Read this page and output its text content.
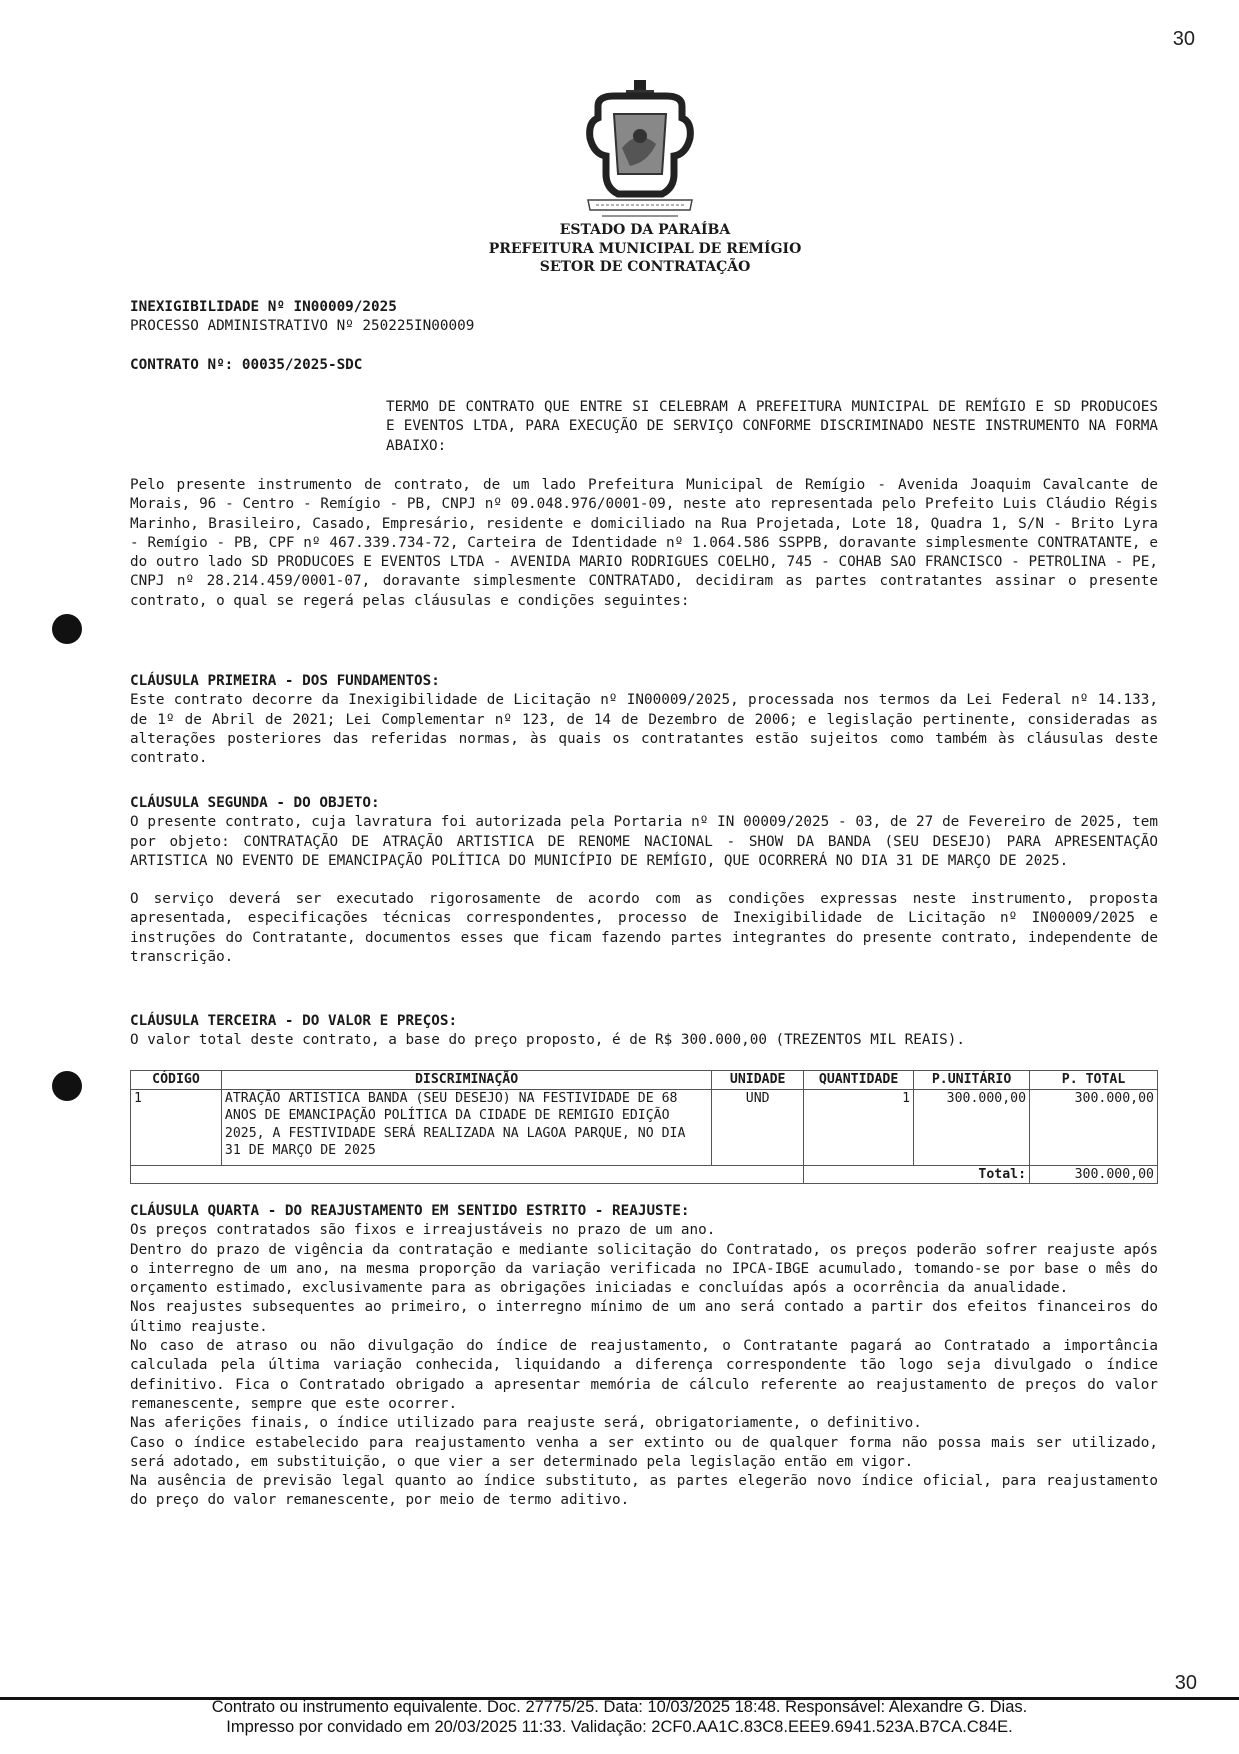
30
ESTADO DA PARAÍBA
PREFEITURA MUNICIPAL DE REMÍGIO
SETOR DE CONTRATAÇÃO
INEXIGIBILIDADE Nº IN00009/2025
PROCESSO ADMINISTRATIVO Nº 250225IN00009
CONTRATO Nº: 00035/2025-SDC

TERMO DE CONTRATO QUE ENTRE SI CELEBRAM A PREFEITURA MUNICIPAL DE REMÍGIO E SD PRODUCOES E EVENTOS LTDA, PARA EXECUÇÃO DE SERVIÇO CONFORME DISCRIMINADO NESTE INSTRUMENTO NA FORMA ABAIXO:

Pelo presente instrumento de contrato, de um lado Prefeitura Municipal de Remígio - Avenida Joaquim Cavalcante de Morais, 96 - Centro - Remígio - PB, CNPJ nº 09.048.976/0001-09, neste ato representada pelo Prefeito Luis Cláudio Régis Marinho, Brasileiro, Casado, Empresário, residente e domiciliado na Rua Projetada, Lote 18, Quadra 1, S/N - Brito Lyra - Remígio - PB, CPF nº 467.339.734-72, Carteira de Identidade nº 1.064.586 SSPPB, doravante simplesmente CONTRATANTE, e do outro lado SD PRODUCOES E EVENTOS LTDA - AVENIDA MARIO RODRIGUES COELHO, 745 - COHAB SAO FRANCISCO - PETROLINA - PE, CNPJ nº 28.214.459/0001-07, doravante simplesmente CONTRATADO, decidiram as partes contratantes assinar o presente contrato, o qual se regerá pelas cláusulas e condições seguintes:

CLÁUSULA PRIMEIRA - DOS FUNDAMENTOS:

Este contrato decorre da Inexigibilidade de Licitação nº IN00009/2025, processada nos termos da Lei Federal nº 14.133, de 1º de Abril de 2021; Lei Complementar nº 123, de 14 de Dezembro de 2006; e legislação pertinente, consideradas as alterações posteriores das referidas normas, às quais os contratantes estão sujeitos como também às cláusulas deste contrato.

CLÁUSULA SEGUNDA - DO OBJETO:

O presente contrato, cuja lavratura foi autorizada pela Portaria nº IN 00009/2025 - 03, de 27 de Fevereiro de 2025, tem por objeto: CONTRATAÇÃO DE ATRAÇÃO ARTISTICA DE RENOME NACIONAL - SHOW DA BANDA (SEU DESEJO) PARA APRESENTAÇÃO ARTISTICA NO EVENTO DE EMANCIPAÇÃO POLÍTICA DO MUNICÍPIO DE REMÍGIO, QUE OCORRERÁ NO DIA 31 DE MARÇO DE 2025.

O serviço deverá ser executado rigorosamente de acordo com as condições expressas neste instrumento, proposta apresentada, especificações técnicas correspondentes, processo de Inexigibilidade de Licitação nº IN00009/2025 e instruções do Contratante, documentos esses que ficam fazendo partes integrantes do presente contrato, independente de transcrição.

CLÁUSULA TERCEIRA - DO VALOR E PREÇOS:

O valor total deste contrato, a base do preço proposto, é de R$ 300.000,00 (TREZENTOS MIL REAIS).

CÓDIGO	DISCRIMINAÇÃO	UNIDADE	QUANTIDADE	P.UNITÁRIO	P. TOTAL
1	ATRAÇÃO ARTISTICA BANDA (SEU DESEJO) NA FESTIVIDADE DE 68 ANOS DE EMANCIPAÇÃO POLÍTICA DA CIDADE DE REMIGIO EDIÇÃO 2025, A FESTIVIDADE SERÁ REALIZADA NA LAGOA PARQUE, NO DIA 31 DE MARÇO DE 2025	UND	1	300.000,00	300.000,00
			Total:		300.000,00
CLÁUSULA QUARTA - DO REAJUSTAMENTO EM SENTIDO ESTRITO - REAJUSTE:

Os preços contratados são fixos e irreajustáveis no prazo de um ano.

Dentro do prazo de vigência da contratação e mediante solicitação do Contratado, os preços poderão sofrer reajuste após o interregno de um ano, na mesma proporção da variação verificada no IPCA-IBGE acumulado, tomando-se por base o mês do orçamento estimado, exclusivamente para as obrigações iniciadas e concluídas após a ocorrência da anualidade.

Nos reajustes subsequentes ao primeiro, o interregno mínimo de um ano será contado a partir dos efeitos financeiros do último reajuste.

No caso de atraso ou não divulgação do índice de reajustamento, o Contratante pagará ao Contratado a importância calculada pela última variação conhecida, liquidando a diferença correspondente tão logo seja divulgado o índice definitivo. Fica o Contratado obrigado a apresentar memória de cálculo referente ao reajustamento de preços do valor remanescente, sempre que este ocorrer.

Nas aferições finais, o índice utilizado para reajuste será, obrigatoriamente, o definitivo.

Caso o índice estabelecido para reajustamento venha a ser extinto ou de qualquer forma não possa mais ser utilizado, será adotado, em substituição, o que vier a ser determinado pela legislação então em vigor.

Na ausência de previsão legal quanto ao índice substituto, as partes elegerão novo índice oficial, para reajustamento do preço do valor remanescente, por meio de termo aditivo.

30
Contrato ou instrumento equivalente. Doc. 27775/25. Data: 10/03/2025 18:48. Responsável: Alexandre G. Dias.
Impresso por convidado em 20/03/2025 11:33. Validação: 2CF0.AA1C.83C8.EEE9.6941.523A.B7CA.C84E.
